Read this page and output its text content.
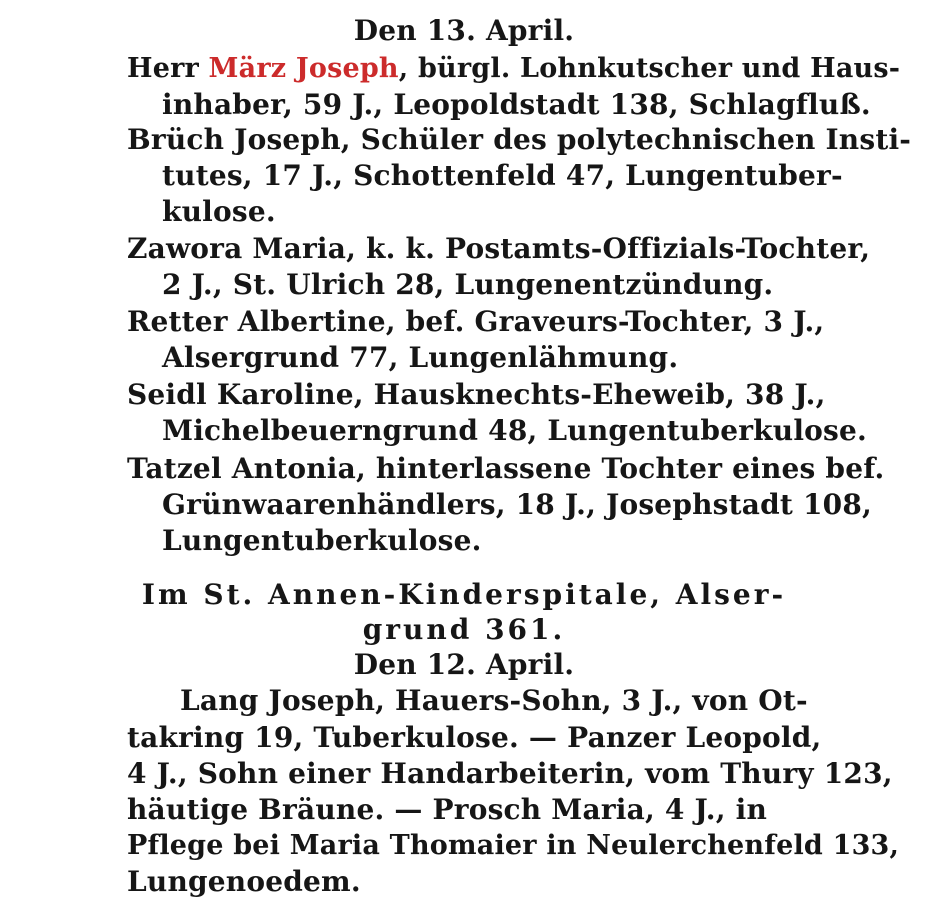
Den 13. April.
Herr März Joseph, bürgl. Lohnkutscher und Haus-
inhaber, 59 J., Leopoldstadt 138, Schlagfluß.
Brüch Joseph, Schüler des polytechnischen Insti-
tutes, 17 J., Schottenfeld 47, Lungentuber-
kulose.
Zawora Maria, k. k. Postamts-Offizials-Tochter,
2 J., St. Ulrich 28, Lungenentzündung.
Retter Albertine, bef. Graveurs-Tochter, 3 J.,
Alsergrund 77, Lungenlähmung.
Seidl Karoline, Hausknechts-Eheweib, 38 J.,
Michelbeuerngrund 48, Lungentuberkulose.
Tatzel Antonia, hinterlassene Tochter eines bef.
Grünwaarenhändlers, 18 J., Josephstadt 108,
Lungentuberkulose.
Im St. Annen-Kinderspitale, Alser-
grund 361.
Den 12. April.
Lang Joseph, Hauers-Sohn, 3 J., von Ot-
takring 19, Tuberkulose. — Panzer Leopold,
4 J., Sohn einer Handarbeiterin, vom Thury 123,
häutige Bräune. — Prosch Maria, 4 J., in
Pflege bei Maria Thomaier in Neulerchenfeld 133,
Lungenoedem.
